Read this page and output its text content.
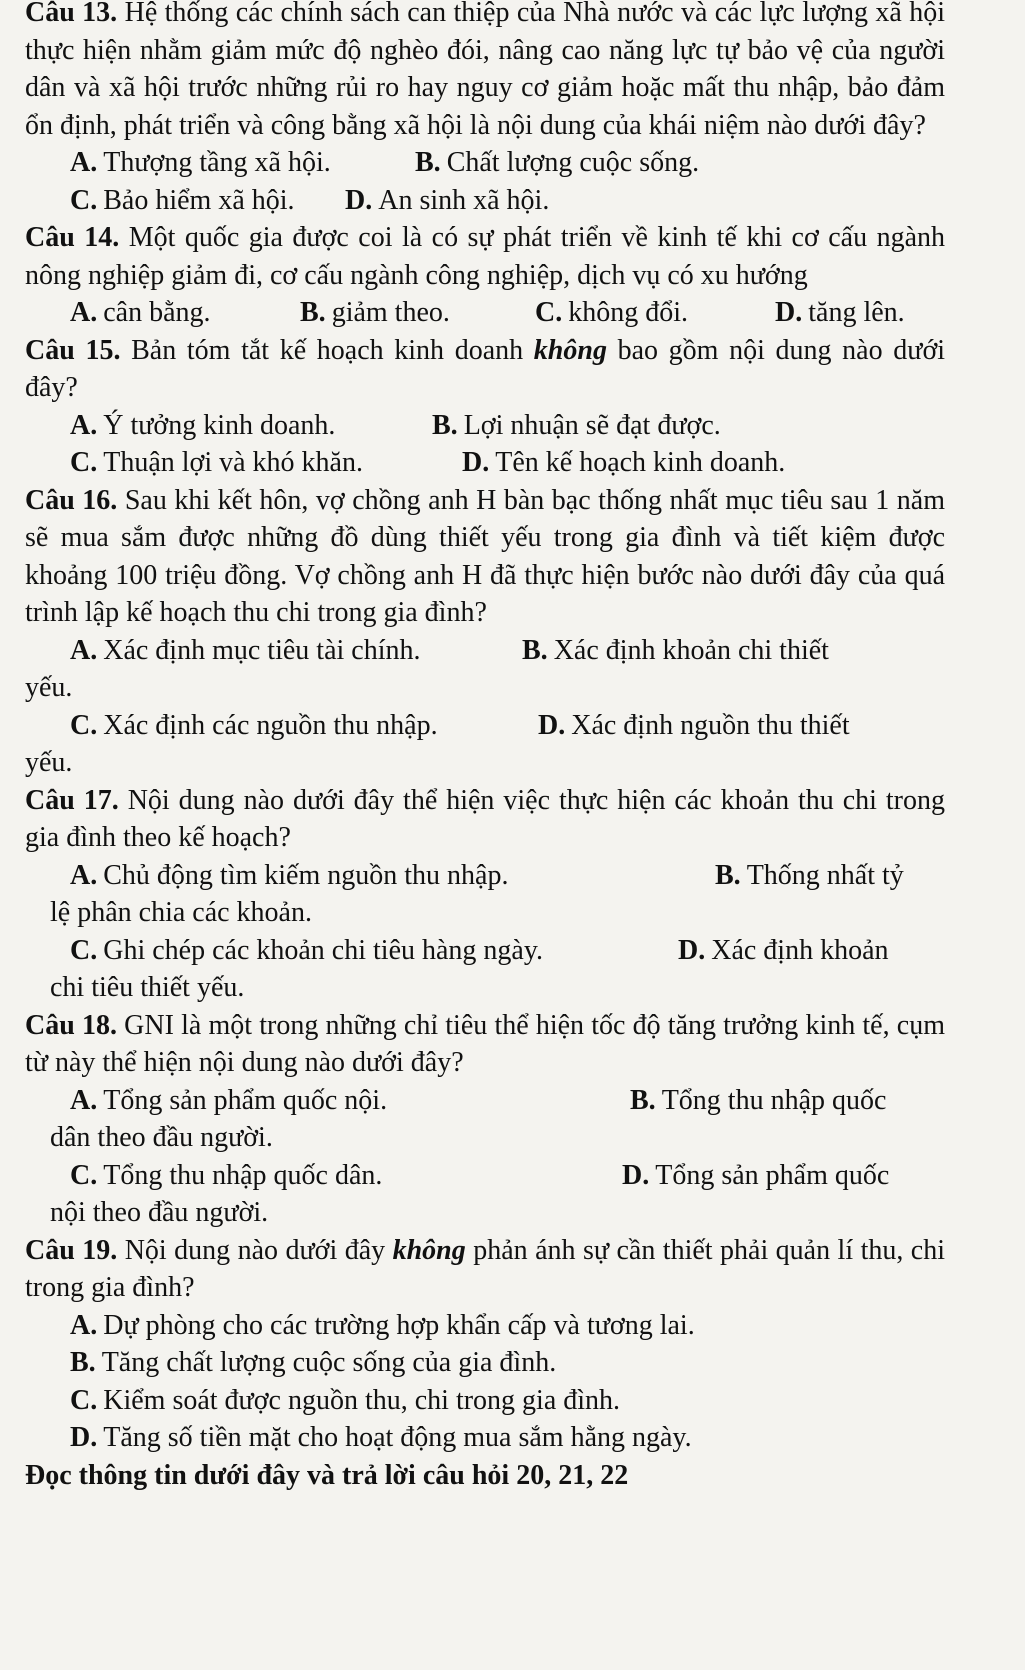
Câu 13. Hệ thống các chính sách can thiệp của Nhà nước và các lực lượng xã hội thực hiện nhằm giảm mức độ nghèo đói, nâng cao năng lực tự bảo vệ của người dân và xã hội trước những rủi ro hay nguy cơ giảm hoặc mất thu nhập, bảo đảm ổn định, phát triển và công bằng xã hội là nội dung của khái niệm nào dưới đây?

A. Thượng tầng xã hội.	B. Chất lượng cuộc sống.
C. Bảo hiểm xã hội.	D. An sinh xã hội.

Câu 14. Một quốc gia được coi là có sự phát triển về kinh tế khi cơ cấu ngành nông nghiệp giảm đi, cơ cấu ngành công nghiệp, dịch vụ có xu hướng

A. cân bằng.	B. giảm theo.	C. không đổi.	D. tăng lên.

Câu 15. Bản tóm tắt kế hoạch kinh doanh không bao gồm nội dung nào dưới đây?

A. Ý tưởng kinh doanh.	B. Lợi nhuận sẽ đạt được.
C. Thuận lợi và khó khăn.	D. Tên kế hoạch kinh doanh.

Câu 16. Sau khi kết hôn, vợ chồng anh H bàn bạc thống nhất mục tiêu sau 1 năm sẽ mua sắm được những đồ dùng thiết yếu trong gia đình và tiết kiệm được khoảng 100 triệu đồng. Vợ chồng anh H đã thực hiện bước nào dưới đây của quá trình lập kế hoạch thu chi trong gia đình?

A. Xác định mục tiêu tài chính.	B. Xác định khoản chi thiết

yếu.

C. Xác định các nguồn thu nhập.	D. Xác định nguồn thu thiết

yếu.

Câu 17. Nội dung nào dưới đây thể hiện việc thực hiện các khoản thu chi trong gia đình theo kế hoạch?

A. Chủ động tìm kiếm nguồn thu nhập.	B. Thống nhất tỷ

lệ phân chia các khoản.

C. Ghi chép các khoản chi tiêu hàng ngày.	D. Xác định khoản

chi tiêu thiết yếu.

Câu 18. GNI là một trong những chỉ tiêu thể hiện tốc độ tăng trưởng kinh tế, cụm từ này thể hiện nội dung nào dưới đây?

A. Tổng sản phẩm quốc nội.	B. Tổng thu nhập quốc

dân theo đầu người.

C. Tổng thu nhập quốc dân.	D. Tổng sản phẩm quốc

nội theo đầu người.

Câu 19. Nội dung nào dưới đây không phản ánh sự cần thiết phải quản lí thu, chi trong gia đình?

A. Dự phòng cho các trường hợp khẩn cấp và tương lai.

B. Tăng chất lượng cuộc sống của gia đình.

C. Kiểm soát được nguồn thu, chi trong gia đình.

D. Tăng số tiền mặt cho hoạt động mua sắm hằng ngày.

Đọc thông tin dưới đây và trả lời câu hỏi 20, 21, 22
